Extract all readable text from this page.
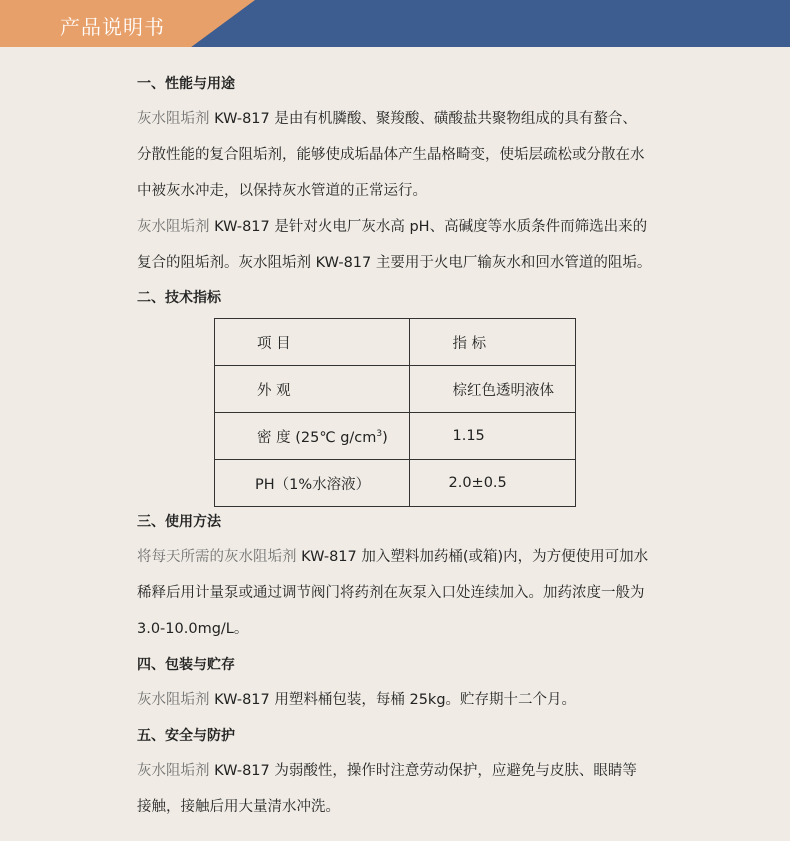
产品说明书
一、性能与用途
灰水阻垢剂 KW-817 是由有机膦酸、聚羧酸、磺酸盐共聚物组成的具有螯合、
分散性能的复合阻垢剂，能够使成垢晶体产生晶格畸变，使垢层疏松或分散在水
中被灰水冲走，以保持灰水管道的正常运行。
灰水阻垢剂 KW-817 是针对火电厂灰水高 pH、高碱度等水质条件而筛选出来的
复合的阻垢剂。灰水阻垢剂 KW-817 主要用于火电厂输灰水和回水管道的阻垢。
二、技术指标
项 目	指 标
外 观	棕红色透明液体
密 度 (25℃ $g/cm^3$)	1.15
PH（1%水溶液）	2.0±0.5
三、使用方法
将每天所需的灰水阻垢剂 KW-817 加入塑料加药桶(或箱)内，为方便使用可加水
稀释后用计量泵或通过调节阀门将药剂在灰泵入口处连续加入。加药浓度一般为
3.0-10.0mg/L。
四、包装与贮存
灰水阻垢剂 KW-817 用塑料桶包装，每桶 25kg。贮存期十二个月。
五、安全与防护
灰水阻垢剂 KW-817 为弱酸性，操作时注意劳动保护，应避免与皮肤、眼睛等
接触，接触后用大量清水冲洗。
